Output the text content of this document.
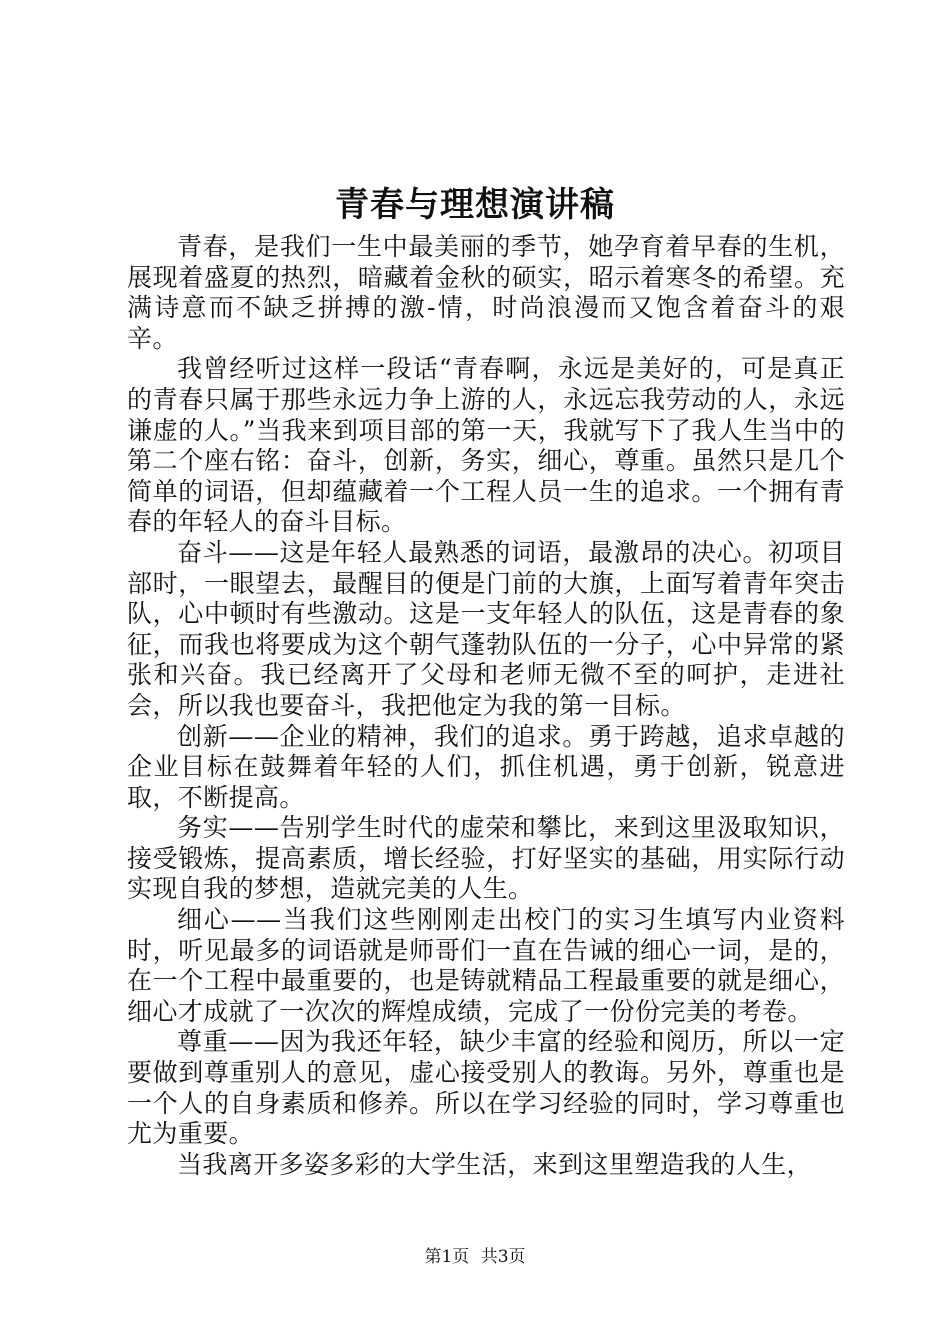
青春与理想演讲稿

青春，是我们一生中最美丽的季节，她孕育着早春的生机，展现着盛夏的热烈，暗藏着金秋的硕实，昭示着寒冬的希望。充满诗意而不缺乏拼搏的激-情，时尚浪漫而又饱含着奋斗的艰辛。

我曾经听过这样一段话“青春啊，永远是美好的，可是真正的青春只属于那些永远力争上游的人，永远忘我劳动的人，永远谦虚的人。”当我来到项目部的第一天，我就写下了我人生当中的第二个座右铭：奋斗，创新，务实，细心，尊重。虽然只是几个简单的词语，但却蕴藏着一个工程人员一生的追求。一个拥有青春的年轻人的奋斗目标。

奋斗——这是年轻人最熟悉的词语，最激昂的决心。初项目部时，一眼望去，最醒目的便是门前的大旗，上面写着青年突击队，心中顿时有些激动。这是一支年轻人的队伍，这是青春的象征，而我也将要成为这个朝气蓬勃队伍的一分子，心中异常的紧张和兴奋。我已经离开了父母和老师无微不至的呵护，走进社会，所以我也要奋斗，我把他定为我的第一目标。

创新——企业的精神，我们的追求。勇于跨越，追求卓越的企业目标在鼓舞着年轻的人们，抓住机遇，勇于创新，锐意进取，不断提高。

务实——告别学生时代的虚荣和攀比，来到这里汲取知识，接受锻炼，提高素质，增长经验，打好坚实的基础，用实际行动实现自我的梦想，造就完美的人生。

细心——当我们这些刚刚走出校门的实习生填写内业资料时，听见最多的词语就是师哥们一直在告诫的细心一词，是的，在一个工程中最重要的，也是铸就精品工程最重要的就是细心，细心才成就了一次次的辉煌成绩，完成了一份份完美的考卷。

尊重——因为我还年轻，缺少丰富的经验和阅历，所以一定要做到尊重别人的意见，虚心接受别人的教诲。另外，尊重也是一个人的自身素质和修养。所以在学习经验的同时，学习尊重也尤为重要。

当我离开多姿多彩的大学生活，来到这里塑造我的人生，

第1页 共3页
